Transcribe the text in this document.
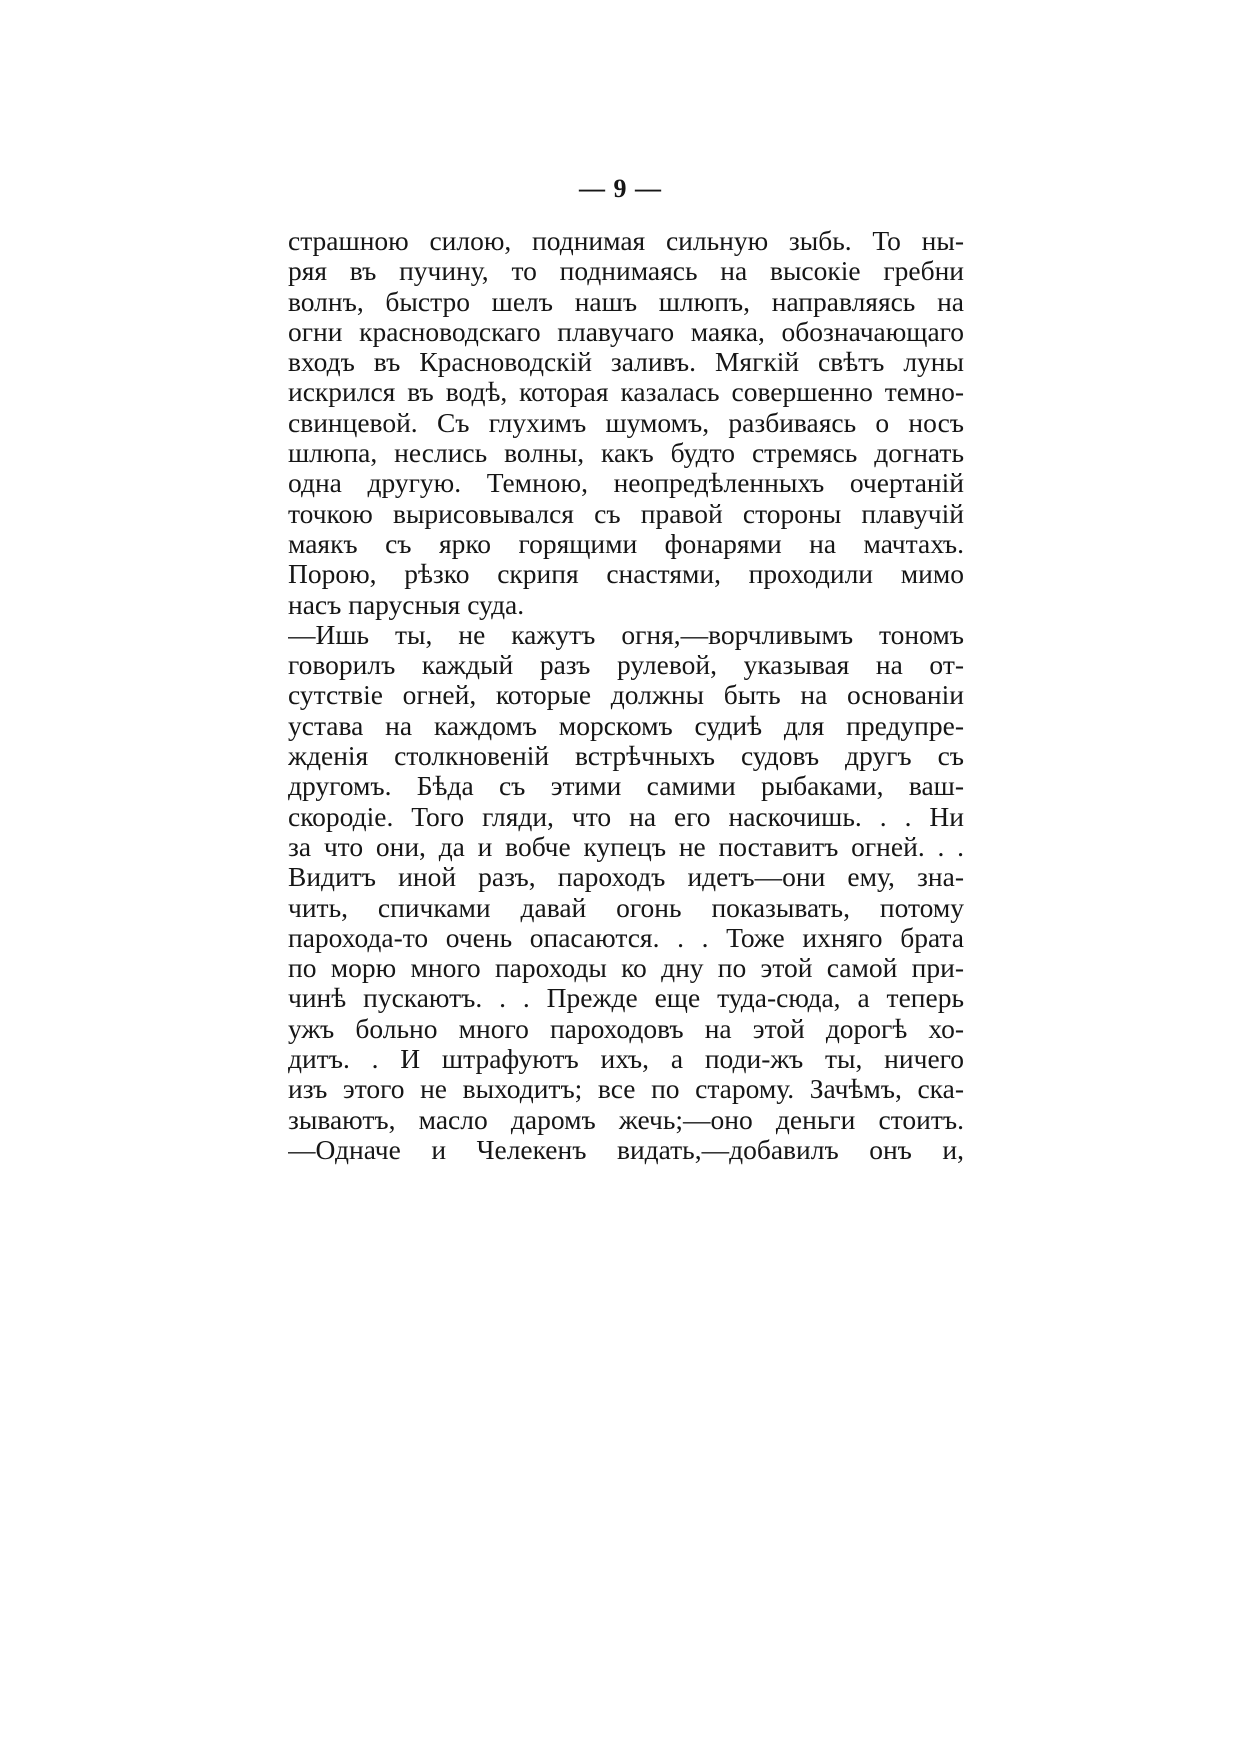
— 9 —
страшною силою, поднимая сильную зыбь. То ны-
ряя въ пучину, то поднимаясь на высокіе гребни
волнъ, быстро шелъ нашъ шлюпъ, направляясь на
огни красноводскаго плавучаго маяка, обозначающаго
входъ въ Красноводскій заливъ. Мягкій свѣтъ луны
искрился въ водѣ, которая казалась совершенно темно-
свинцевой. Съ глухимъ шумомъ, разбиваясь о носъ
шлюпа, неслись волны, какъ будто стремясь догнать
одна другую. Темною, неопредѣленныхъ очертаній
точкою вырисовывался съ правой стороны плавучій
маякъ съ ярко горящими фонарями на мачтахъ.
Порою, рѣзко скрипя снастями, проходили мимо
насъ парусныя суда.
—Ишь ты, не кажутъ огня,—ворчливымъ тономъ
говорилъ каждый разъ рулевой, указывая на от-
сутствіе огней, которые должны быть на основаніи
устава на каждомъ морскомъ судиѣ для предупре-
жденія столкновеній встрѣчныхъ судовъ другъ съ
другомъ. Бѣда съ этими самими рыбаками, ваш-
скородіе. Того гляди, что на его наскочишь. . . Ни
за что они, да и вобче купецъ не поставитъ огней. . .
Видитъ иной разъ, пароходъ идетъ—они ему, зна-
чить, спичками давай огонь показывать, потому
парохода-то очень опасаются. . . Тоже ихняго брата
по морю много пароходы ко дну по этой самой при-
чинѣ пускаютъ. . . Прежде еще туда-сюда, а теперь
ужъ больно много пароходовъ на этой дорогѣ хо-
дитъ. . И штрафуютъ ихъ, а поди-жъ ты, ничего
изъ этого не выходитъ; все по старому. Зачѣмъ, ска-
зываютъ, масло даромъ жечь;—оно деньги стоитъ.
—Одначе и Челекенъ видать,—добавилъ онъ и,
